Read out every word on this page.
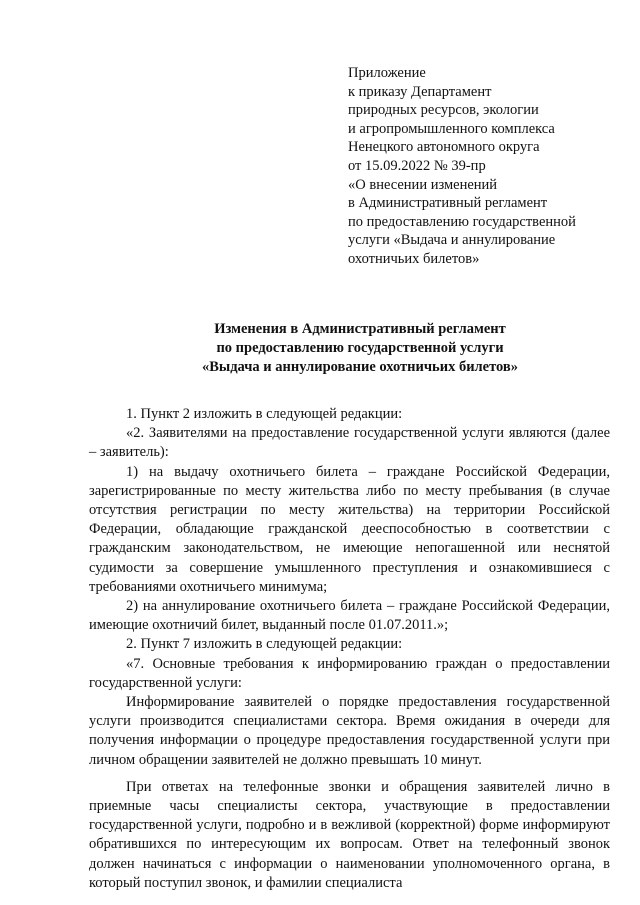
Приложение
к приказу Департамент
природных ресурсов, экологии
и агропромышленного комплекса
Ненецкого автономного округа
от 15.09.2022 № 39-пр
«О внесении изменений
в Административный регламент
по предоставлению государственной
услуги «Выдача и аннулирование
охотничьих билетов»
Изменения в Административный регламент
по предоставлению государственной услуги
«Выдача и аннулирование охотничьих билетов»

1. Пункт 2 изложить в следующей редакции:

«2. Заявителями на предоставление государственной услуги являются (далее – заявитель):

1) на выдачу охотничьего билета – граждане Российской Федерации, зарегистрированные по месту жительства либо по месту пребывания (в случае отсутствия регистрации по месту жительства) на территории Российской Федерации, обладающие гражданской дееспособностью в соответствии с гражданским законодательством, не имеющие непогашенной или неснятой судимости за совершение умышленного преступления и ознакомившиеся с требованиями охотничьего минимума;

2) на аннулирование охотничьего билета – граждане Российской Федерации, имеющие охотничий билет, выданный после 01.07.2011.»;

2. Пункт 7 изложить в следующей редакции:

«7. Основные требования к информированию граждан о предоставлении государственной услуги:

Информирование заявителей о порядке предоставления государственной услуги производится специалистами сектора. Время ожидания в очереди для получения информации о процедуре предоставления государственной услуги при личном обращении заявителей не должно превышать 10 минут.

При ответах на телефонные звонки и обращения заявителей лично в приемные часы специалисты сектора, участвующие в предоставлении государственной услуги, подробно и в вежливой (корректной) форме информируют обратившихся по интересующим их вопросам. Ответ на телефонный звонок должен начинаться с информации о наименовании уполномоченного органа, в который поступил звонок, и фамилии специалиста
